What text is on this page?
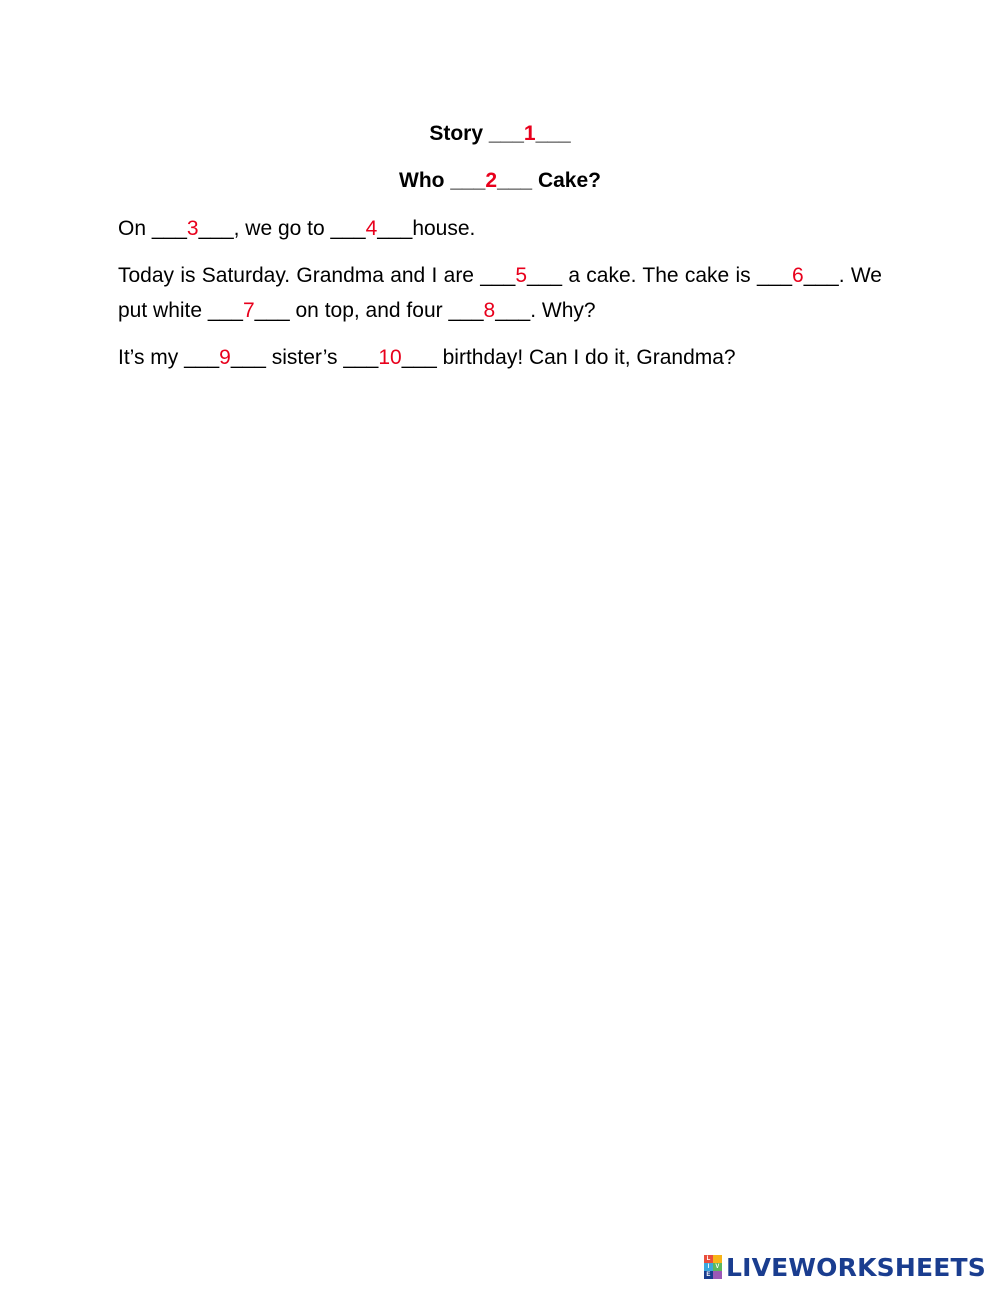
Story ___1___

Who ___2___ Cake?

On ___3___, we go to ___4___house.

Today is Saturday. Grandma and I are ___5___ a cake. The cake is ___6___. We put white ___7___ on top, and four ___8___. Why?

It’s my ___9___ sister’s ___10___ birthday! Can I do it, Grandma?

L
I	V
E LIVEWORKSHEETS
